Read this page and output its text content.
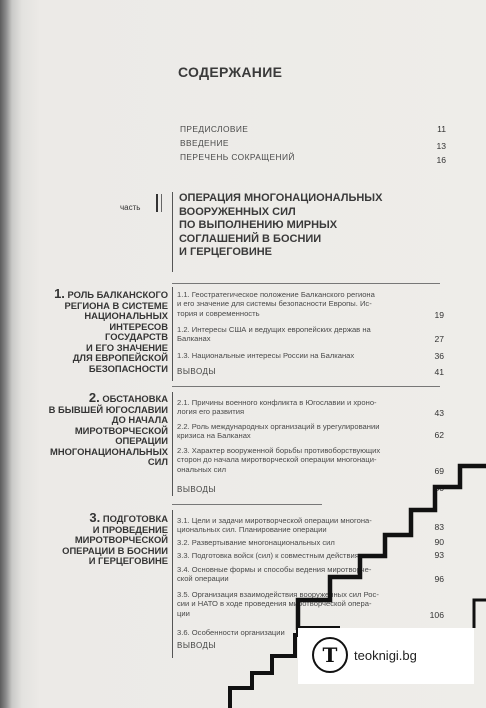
СОДЕРЖАНИЕ
ПРЕДИСЛОВИЕ	11
ВВЕДЕНИЕ	13
ПЕРЕЧЕНЬ СОКРАЩЕНИЙ	16
часть
ОПЕРАЦИЯ МНОГОНАЦИОНАЛЬНЫХ
ВООРУЖЕННЫХ СИЛ
ПО ВЫПОЛНЕНИЮ МИРНЫХ
СОГЛАШЕНИЙ В БОСНИИ
И ГЕРЦЕГОВИНЕ
1. РОЛЬ БАЛКАНСКОГО
РЕГИОНА В СИСТЕМЕ
НАЦИОНАЛЬНЫХ
ИНТЕРЕСОВ
ГОСУДАРСТВ
И ЕГО ЗНАЧЕНИЕ
ДЛЯ ЕВРОПЕЙСКОЙ
БЕЗОПАСНОСТИ
1.1. Геостратегическое положение Балканского региона
и его значение для системы безопасности Европы. Ис-
тория и современность	19
1.2. Интересы США и ведущих европейских держав на
Балканах	27
1.3. Национальные интересы России на Балканах	36
ВЫВОДЫ	41
2. ОБСТАНОВКА
В БЫВШЕЙ ЮГОСЛАВИИ
ДО НАЧАЛА
МИРОТВОРЧЕСКОЙ
ОПЕРАЦИИ
МНОГОНАЦИОНАЛЬНЫХ
СИЛ
2.1. Причины военного конфликта в Югославии и хроно-
логия его развития	43
2.2. Роль международных организаций в урегулировании
кризиса на Балканах	62
2.3. Характер вооруженной борьбы противоборствующих
сторон до начала миротворческой операции многонаци-
ональных сил	69
ВЫВОДЫ	80
3. ПОДГОТОВКА
И ПРОВЕДЕНИЕ
МИРОТВОРЧЕСКОЙ
ОПЕРАЦИИ В БОСНИИ
И ГЕРЦЕГОВИНЕ
3.1. Цели и задачи миротворческой операции многона-
циональных сил. Планирование операции	83
3.2. Развертывание многонациональных сил	90
3.3. Подготовка войск (сил) к совместным действиям	93
3.4. Основные формы и способы ведения миротворче-
ской операции	96
3.5. Организация взаимодействия вооруженных сил Рос-
сии и НАТО в ходе проведения миротворческой опера-
ции	106
3.6. Особенности организации
ВЫВОДЫ	T teoknigi.bg
